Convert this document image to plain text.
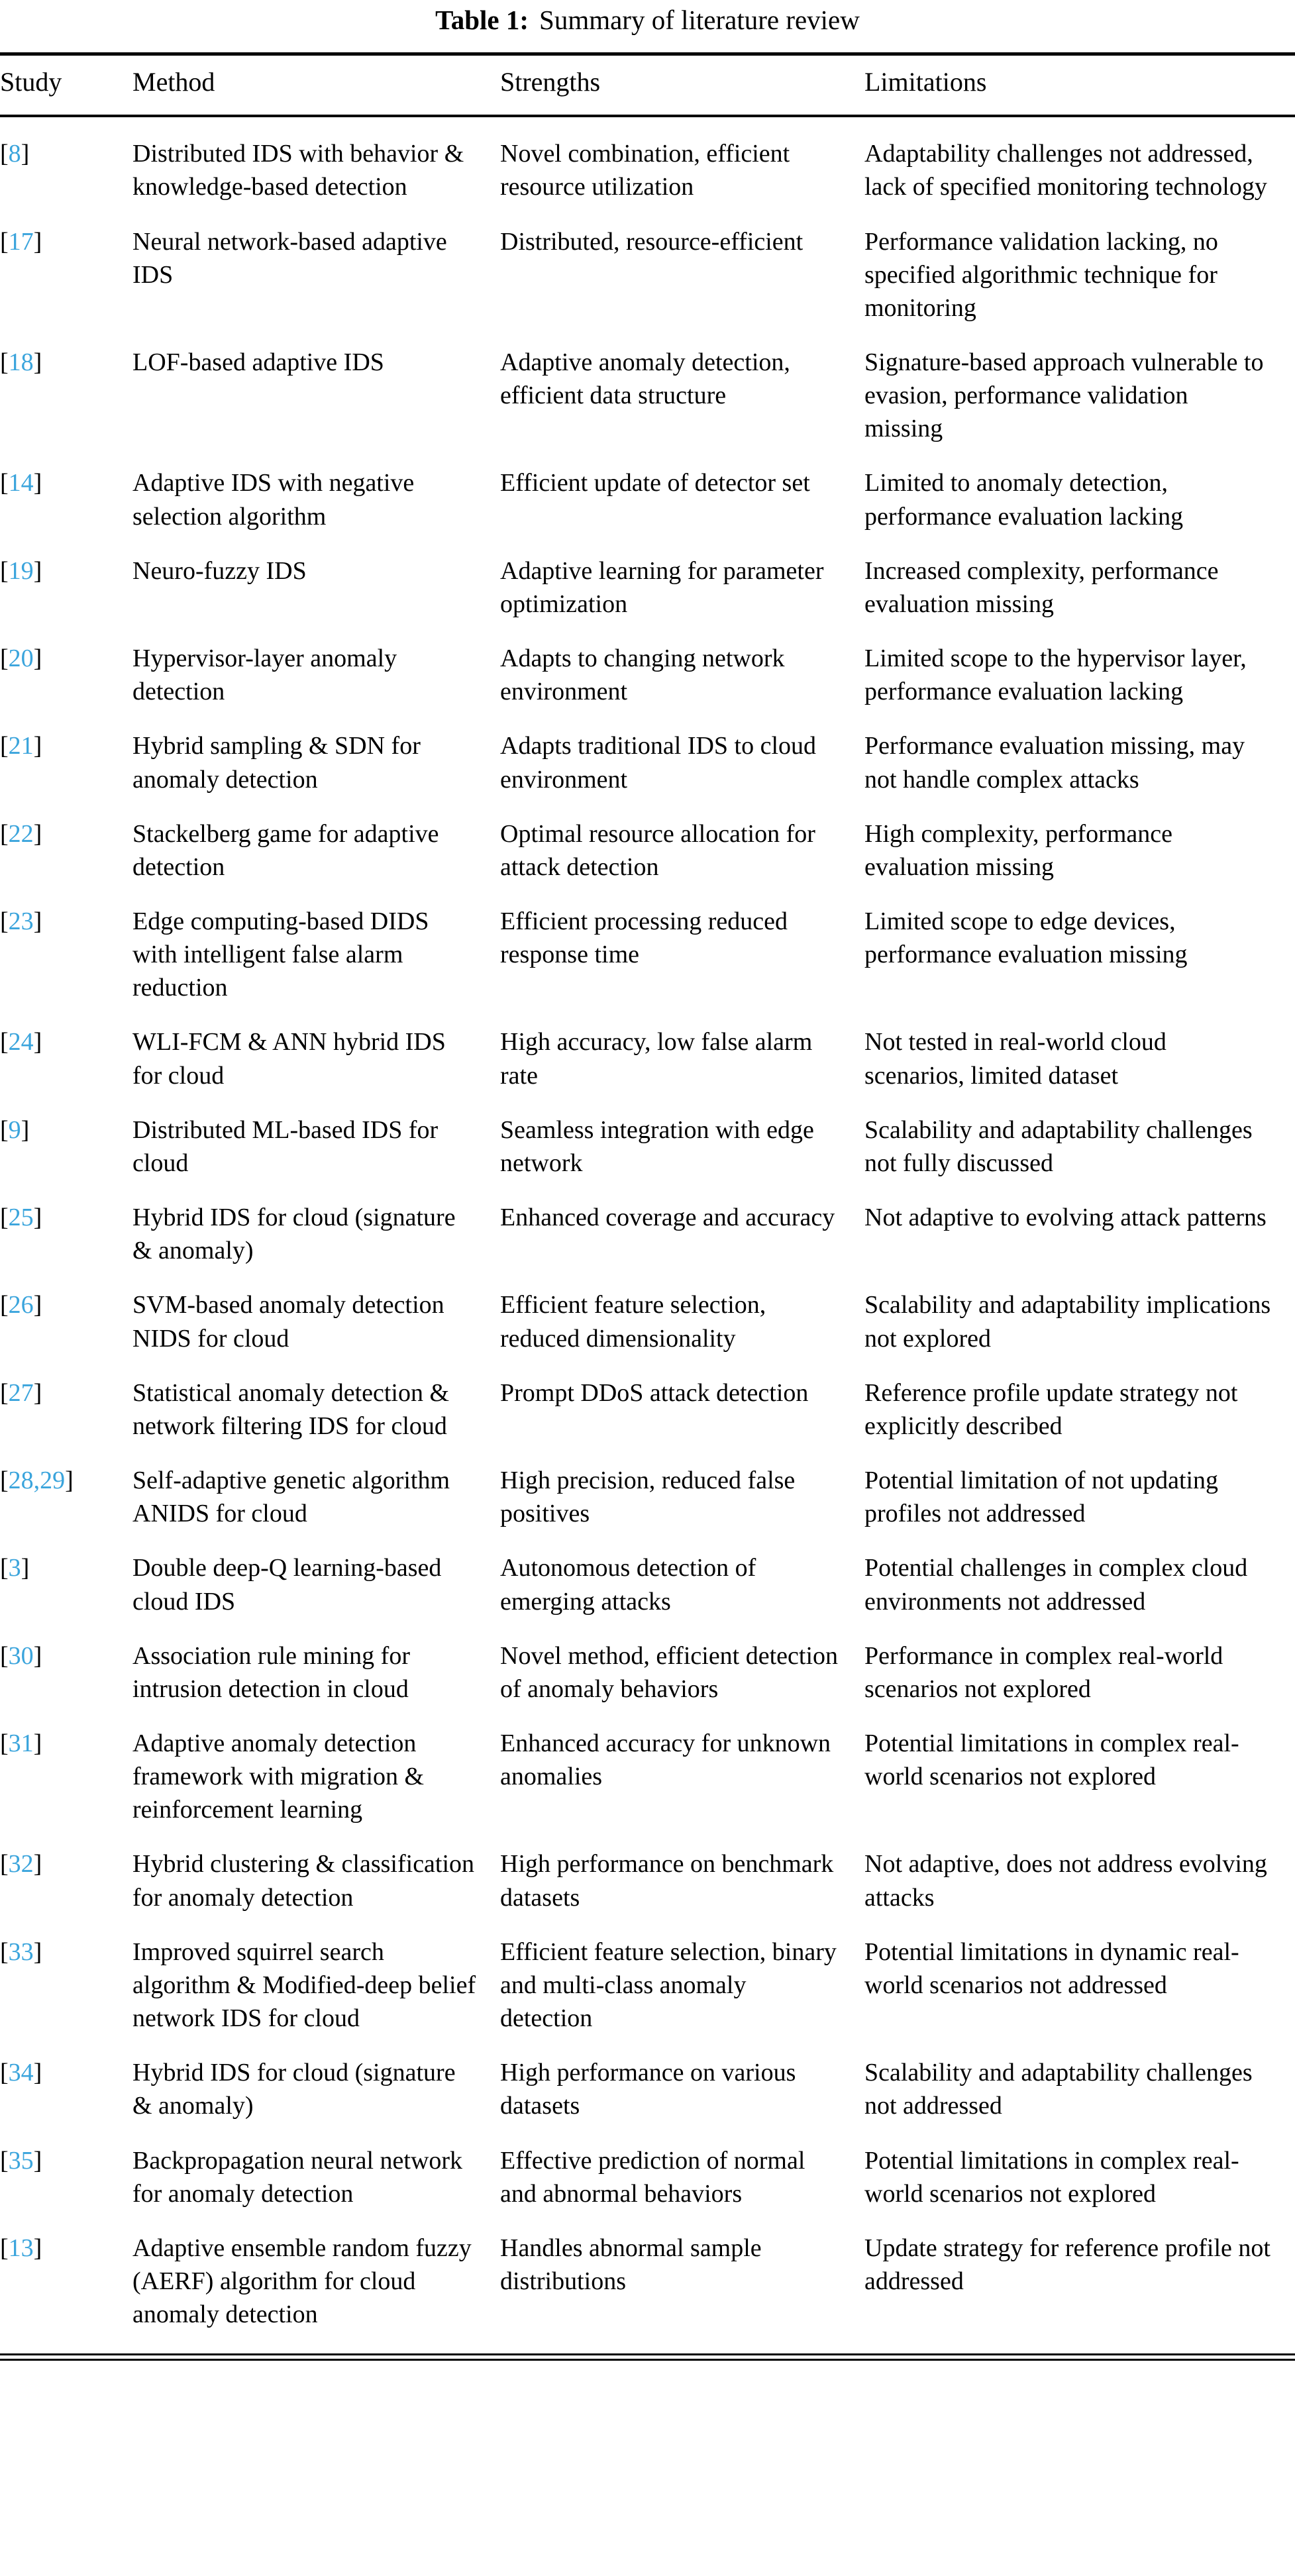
Table 1: Summary of literature review
Study	Method	Strengths	Limitations
[8]	Distributed IDS with behavior & knowledge-based detection	Novel combination, efficient resource utilization	Adaptability challenges not addressed, lack of specified monitoring technology
[17]	Neural network-based adaptive IDS	Distributed, resource-efficient	Performance validation lacking, no specified algorithmic technique for monitoring
[18]	LOF-based adaptive IDS	Adaptive anomaly detection, efficient data structure	Signature-based approach vulnerable to evasion, performance validation missing
[14]	Adaptive IDS with negative selection algorithm	Efficient update of detector set	Limited to anomaly detection, performance evaluation lacking
[19]	Neuro-fuzzy IDS	Adaptive learning for parameter optimization	Increased complexity, performance evaluation missing
[20]	Hypervisor-layer anomaly detection	Adapts to changing network environment	Limited scope to the hypervisor layer, performance evaluation lacking
[21]	Hybrid sampling & SDN for anomaly detection	Adapts traditional IDS to cloud environment	Performance evaluation missing, may not handle complex attacks
[22]	Stackelberg game for adaptive detection	Optimal resource allocation for attack detection	High complexity, performance evaluation missing
[23]	Edge computing-based DIDS with intelligent false alarm reduction	Efficient processing reduced response time	Limited scope to edge devices, performance evaluation missing
[24]	WLI-FCM & ANN hybrid IDS for cloud	High accuracy, low false alarm rate	Not tested in real-world cloud scenarios, limited dataset
[9]	Distributed ML-based IDS for cloud	Seamless integration with edge network	Scalability and adaptability challenges not fully discussed
[25]	Hybrid IDS for cloud (signature & anomaly)	Enhanced coverage and accuracy	Not adaptive to evolving attack patterns
[26]	SVM-based anomaly detection NIDS for cloud	Efficient feature selection, reduced dimensionality	Scalability and adaptability implications not explored
[27]	Statistical anomaly detection & network filtering IDS for cloud	Prompt DDoS attack detection	Reference profile update strategy not explicitly described
[28,29]	Self-adaptive genetic algorithm ANIDS for cloud	High precision, reduced false positives	Potential limitation of not updating profiles not addressed
[3]	Double deep-Q learning-based cloud IDS	Autonomous detection of emerging attacks	Potential challenges in complex cloud environments not addressed
[30]	Association rule mining for intrusion detection in cloud	Novel method, efficient detection of anomaly behaviors	Performance in complex real-world scenarios not explored
[31]	Adaptive anomaly detection framework with migration & reinforcement learning	Enhanced accuracy for unknown anomalies	Potential limitations in complex real-world scenarios not explored
[32]	Hybrid clustering & classification for anomaly detection	High performance on benchmark datasets	Not adaptive, does not address evolving attacks
[33]	Improved squirrel search algorithm & Modified-deep belief network IDS for cloud	Efficient feature selection, binary and multi-class anomaly detection	Potential limitations in dynamic real-world scenarios not addressed
[34]	Hybrid IDS for cloud (signature & anomaly)	High performance on various datasets	Scalability and adaptability challenges not addressed
[35]	Backpropagation neural network for anomaly detection	Effective prediction of normal and abnormal behaviors	Potential limitations in complex real-world scenarios not explored
[13]	Adaptive ensemble random fuzzy (AERF) algorithm for cloud anomaly detection	Handles abnormal sample distributions	Update strategy for reference profile not addressed
